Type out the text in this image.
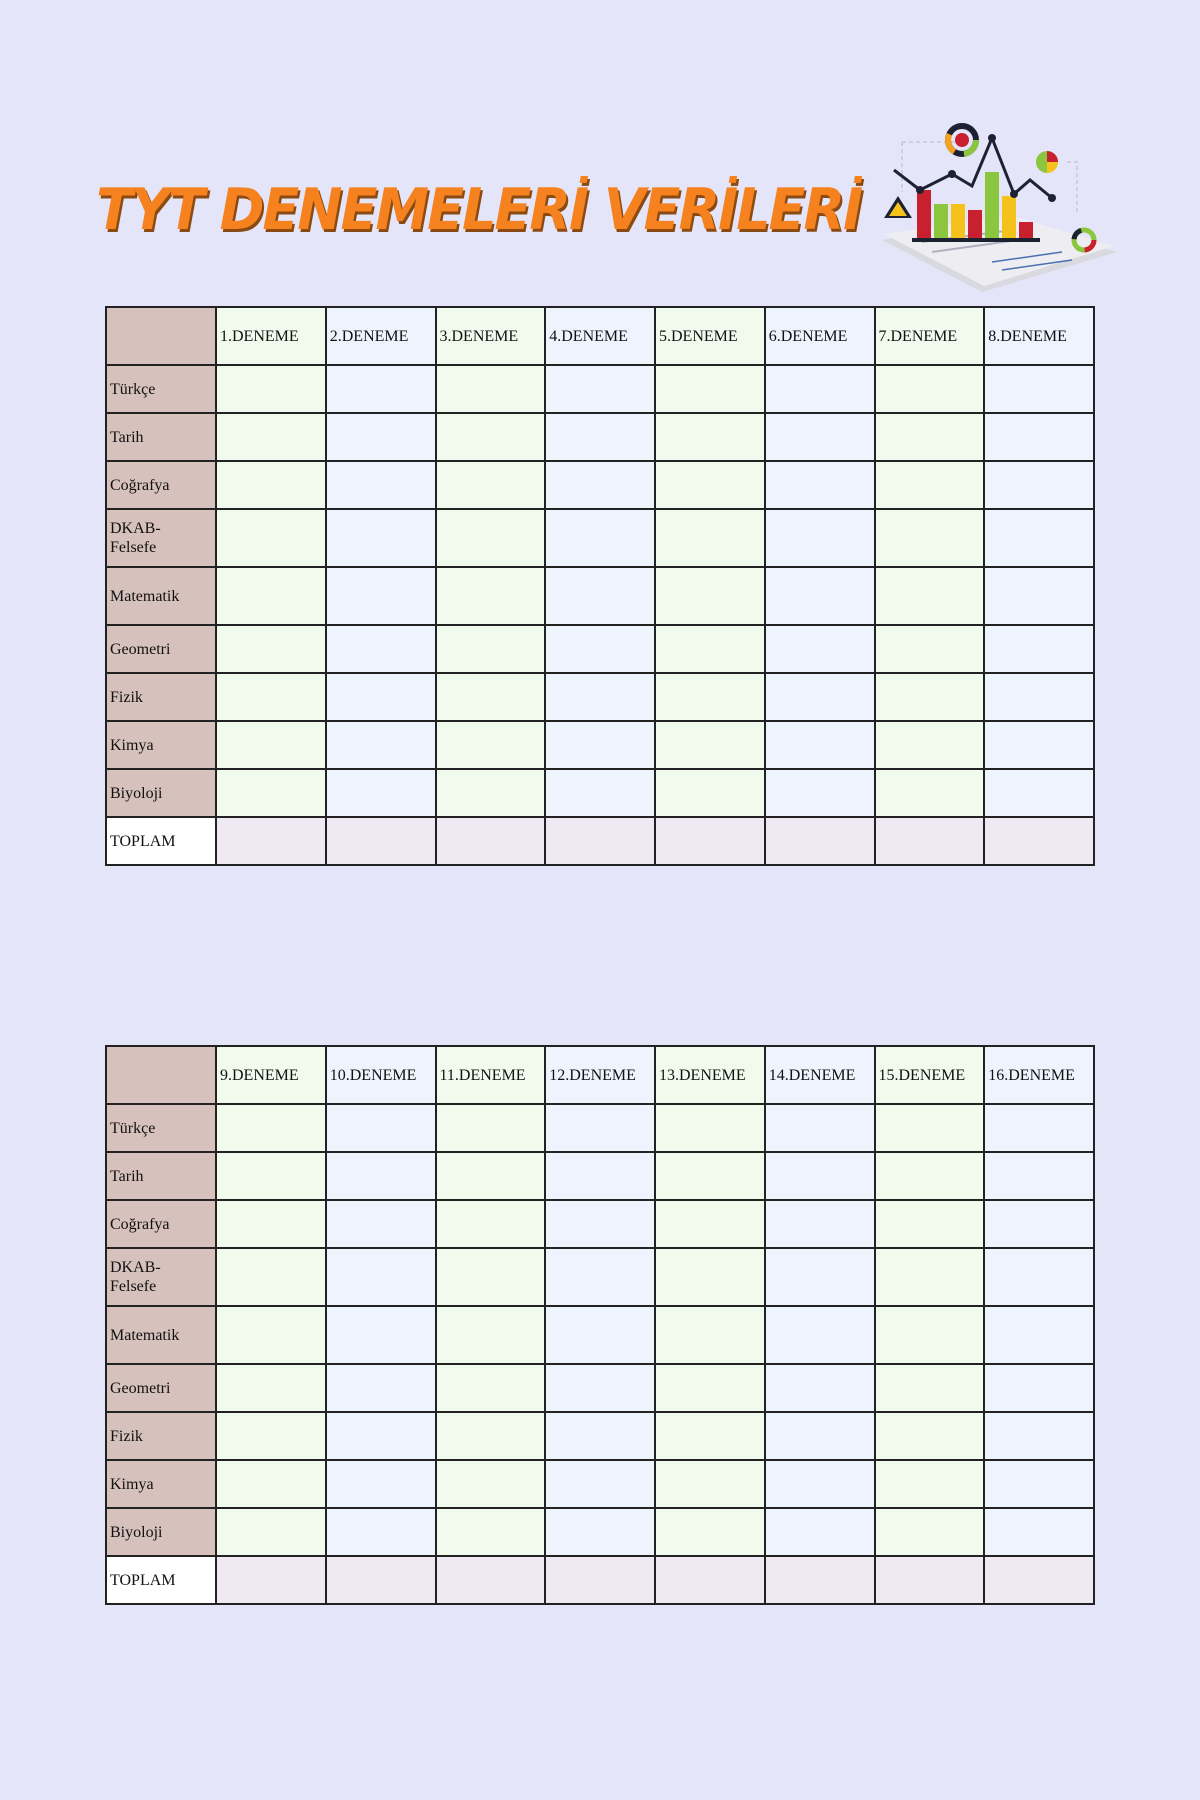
TYT DENEMELERİ VERİLERİ
	1.DENEME	2.DENEME	3.DENEME	4.DENEME	5.DENEME	6.DENEME	7.DENEME	8.DENEME
Türkçe								
Tarih								
Coğrafya								
DKAB-
Felsefe								
Matematik								
Geometri								
Fizik								
Kimya								
Biyoloji								
TOPLAM								
	9.DENEME	10.DENEME	11.DENEME	12.DENEME	13.DENEME	14.DENEME	15.DENEME	16.DENEME
Türkçe								
Tarih								
Coğrafya								
DKAB-
Felsefe								
Matematik								
Geometri								
Fizik								
Kimya								
Biyoloji								
TOPLAM								
